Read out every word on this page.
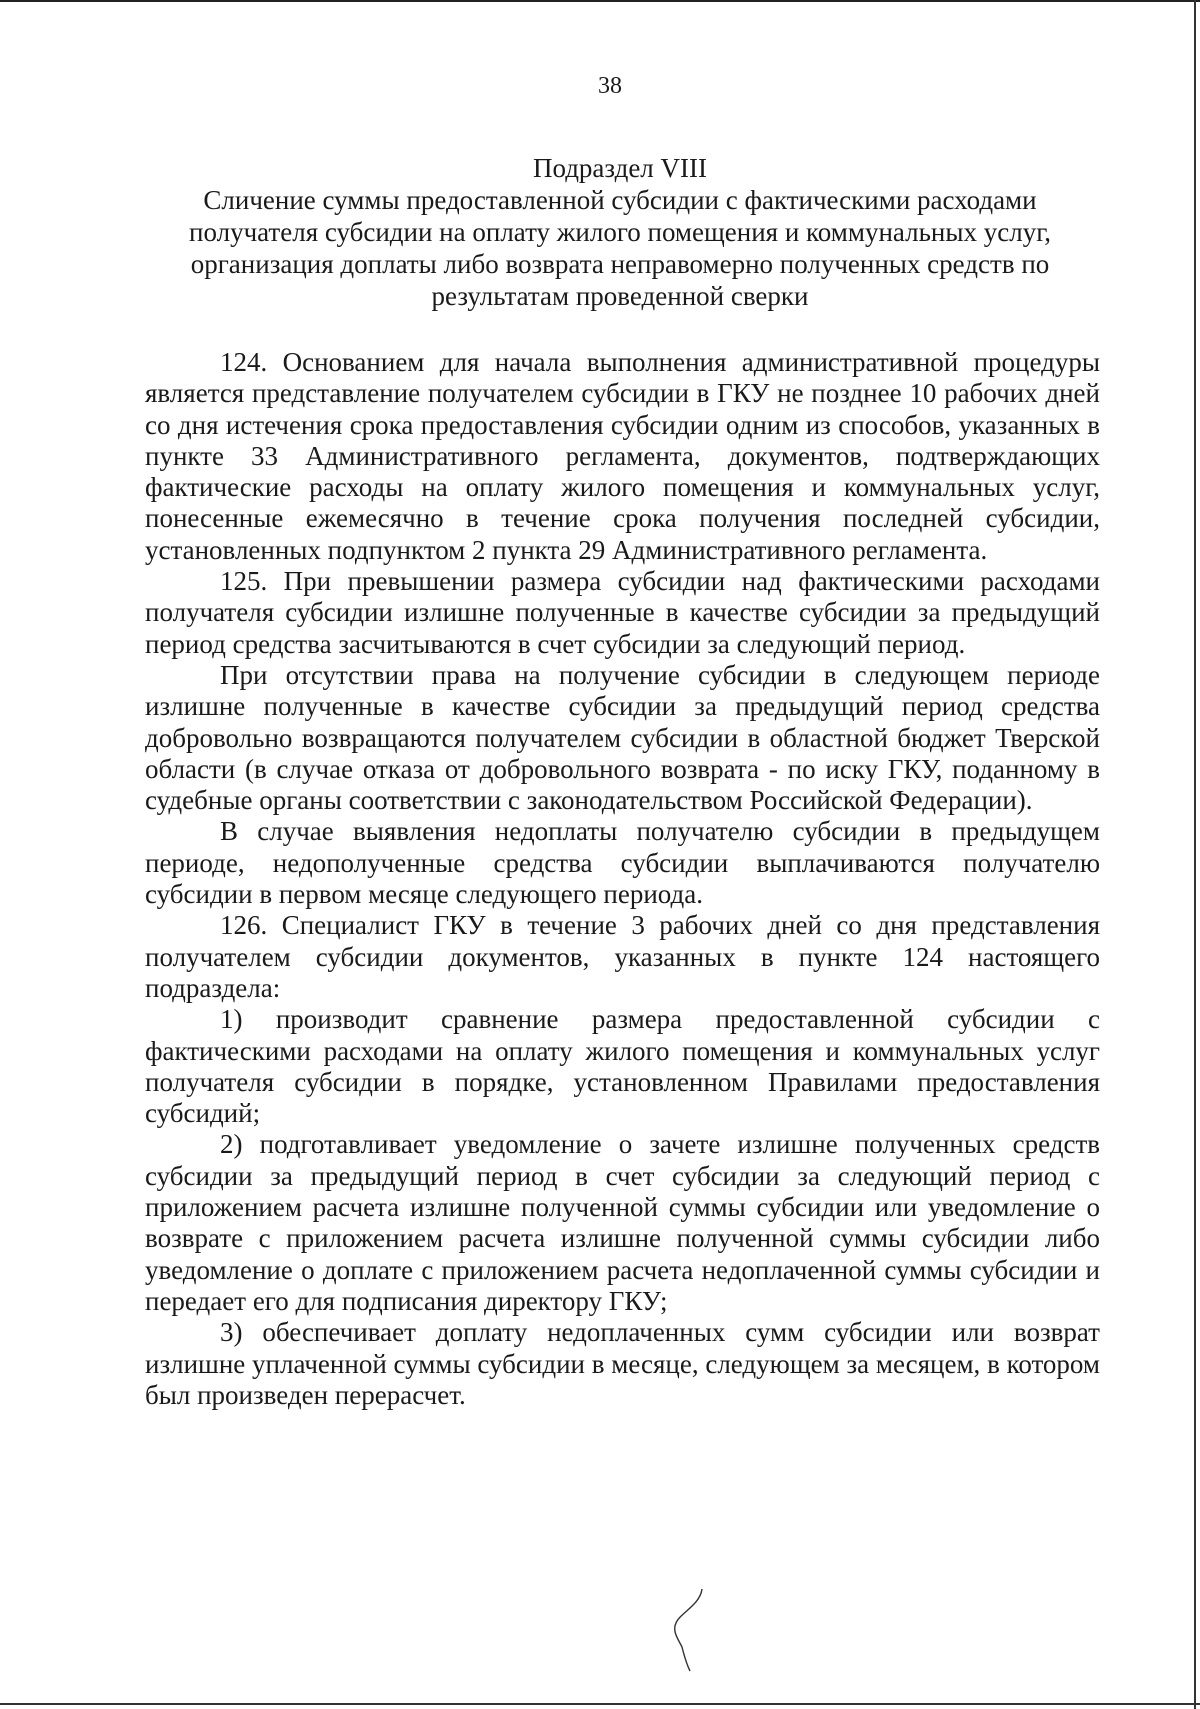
38
Подраздел VIII
Сличение суммы предоставленной субсидии с фактическими расходами
получателя субсидии на оплату жилого помещения и коммунальных услуг,
организация доплаты либо возврата неправомерно полученных средств по
результатам проведенной сверки

124. Основанием для начала выполнения административной процедуры является представление получателем субсидии в ГКУ не позднее 10 рабочих дней со дня истечения срока предоставления субсидии одним из способов, указанных в пункте 33 Административного регламента, документов, подтверждающих фактические расходы на оплату жилого помещения и коммунальных услуг, понесенные ежемесячно в течение срока получения последней субсидии, установленных подпунктом 2 пункта 29 Административного регламента.

125. При превышении размера субсидии над фактическими расходами получателя субсидии излишне полученные в качестве субсидии за предыдущий период средства засчитываются в счет субсидии за следующий период.

При отсутствии права на получение субсидии в следующем периоде излишне полученные в качестве субсидии за предыдущий период средства добровольно возвращаются получателем субсидии в областной бюджет Тверской области (в случае отказа от добровольного возврата - по иску ГКУ, поданному в судебные органы соответствии с законодательством Российской Федерации).

В случае выявления недоплаты получателю субсидии в предыдущем периоде, недополученные средства субсидии выплачиваются получателю субсидии в первом месяце следующего периода.

126. Специалист ГКУ в течение 3 рабочих дней со дня представления получателем субсидии документов, указанных в пункте 124 настоящего подраздела:

1) производит сравнение размера предоставленной субсидии с фактическими расходами на оплату жилого помещения и коммунальных услуг получателя субсидии в порядке, установленном Правилами предоставления субсидий;

2) подготавливает уведомление о зачете излишне полученных средств субсидии за предыдущий период в счет субсидии за следующий период с приложением расчета излишне полученной суммы субсидии или уведомление о возврате с приложением расчета излишне полученной суммы субсидии либо уведомление о доплате с приложением расчета недоплаченной суммы субсидии и передает его для подписания директору ГКУ;

3) обеспечивает доплату недоплаченных сумм субсидии или возврат излишне уплаченной суммы субсидии в месяце, следующем за месяцем, в котором был произведен перерасчет.
